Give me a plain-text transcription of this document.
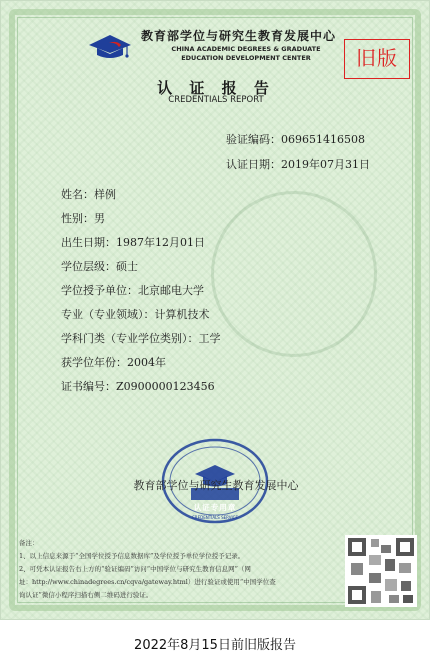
教育部学位与研究生教育发展中心
CHINA ACADEMIC DEGREES & GRADUATE
EDUCATION DEVELOPMENT CENTER	旧版
认 证 报 告
CREDENTIALS REPORT
验证编码：069651416508
认证日期：2019年07月31日
姓名：样例
性别：男
出生日期：1987年12月01日
学位层级：硕士
学位授予单位：北京邮电大学
专业（专业领域）：计算机技术
学科门类（专业学位类别）：工学
获学位年份：2004年
证书编号：Z0900000123456
认证专用章
CREDENTIALS SERVICE
教育部学位与研究生教育发展中心
备注：
1、以上信息来源于“全国学位授予信息数据库”及学位授予单位学位授予记录。
2、可凭本认证报告右上方的“验证编码”访问“中国学位与研究生教育信息网”（网
址：http://www.chinadegrees.cn/cqva/gateway.html）进行验证或使用“中国学位查
询认证”微信小程序扫描右侧二维码进行验证。
2022年8月15日前旧版报告
